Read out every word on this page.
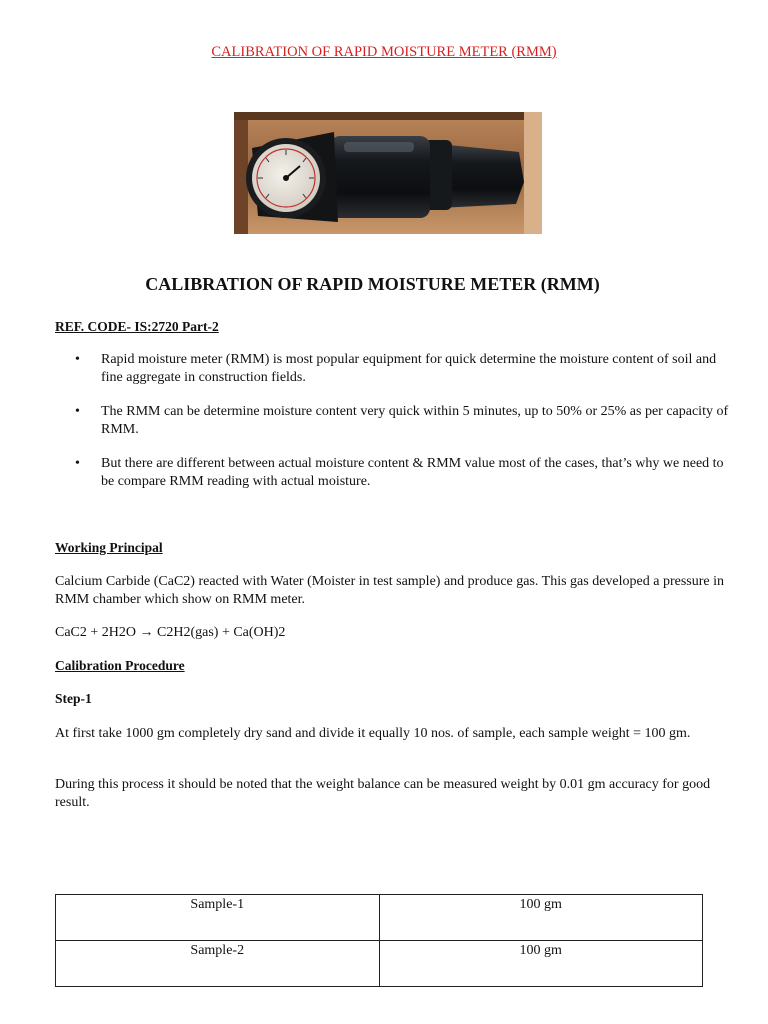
CALIBRATION OF RAPID MOISTURE METER (RMM)
CALIBRATION OF RAPID MOISTURE METER (RMM)
REF. CODE- IS:2720 Part-2
• Rapid moisture meter (RMM) is most popular equipment for quick determine the moisture content of soil and fine aggregate in construction fields.
• The RMM can be determine moisture content very quick within 5 minutes, up to 50% or 25% as per capacity of RMM.
• But there are different between actual moisture content & RMM value most of the cases, that’s why we need to be compare RMM reading with actual moisture.
Working Principal
Calcium Carbide (CaC2) reacted with Water (Moister in test sample) and produce gas. This gas developed a pressure in RMM chamber which show on RMM meter.
CaC2 + 2H2O → C2H2(gas) + Ca(OH)2
Calibration Procedure
Step-1
At first take 1000 gm completely dry sand and divide it equally 10 nos. of sample, each sample weight = 100 gm.
During this process it should be noted that the weight balance can be measured weight by 0.01 gm accuracy for good result.
Sample-1	100 gm
Sample-2	100 gm
